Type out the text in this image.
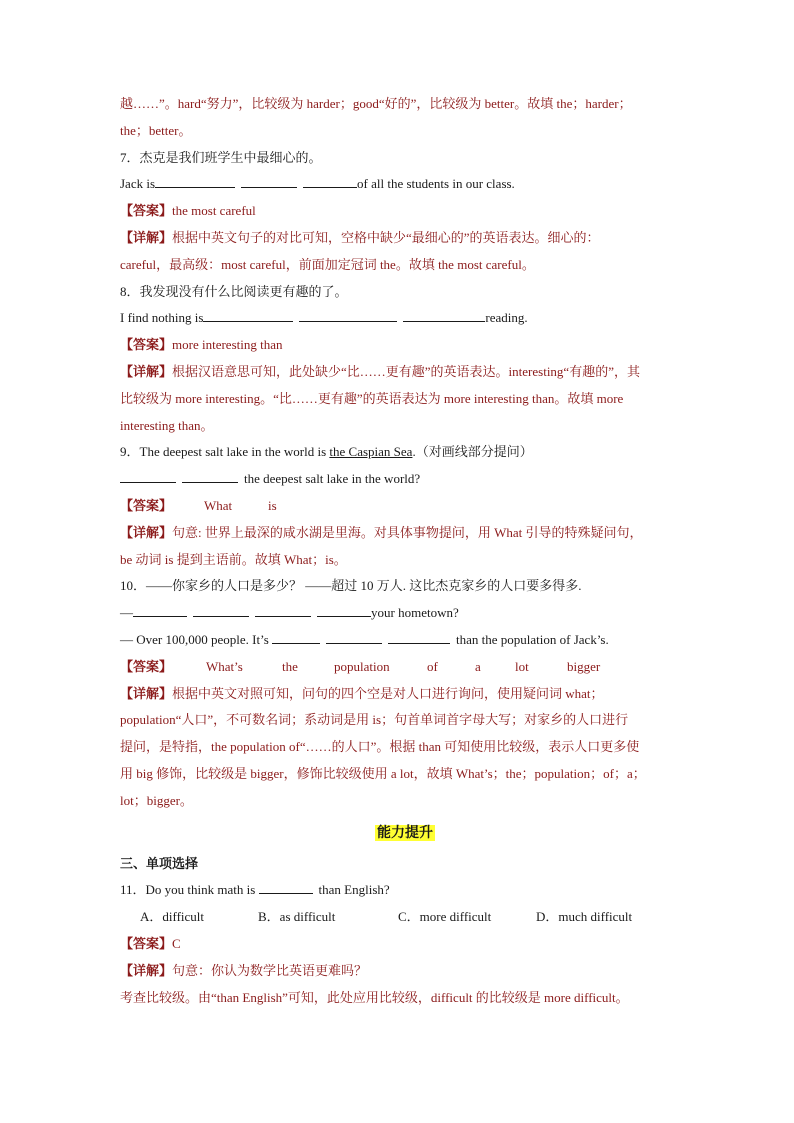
越……”。hard“努力”，比较级为 harder；good“好的”，比较级为 better。故填 the；harder；
the；better。
7．杰克是我们班学生中最细心的。
Jack is	of all the students in our class.
【答案】the most careful
【详解】根据中英文句子的对比可知，空格中缺少“最细心的”的英语表达。细心的：
careful，最高级：most careful，前面加定冠词 the。故填 the most careful。
8．我发现没有什么比阅读更有趣的了。
I find nothing is	reading.
【答案】more interesting than
【详解】根据汉语意思可知，此处缺少“比……更有趣”的英语表达。interesting“有趣的”，其
比较级为 more interesting。“比……更有趣”的英语表达为 more interesting than。故填 more
interesting than。
9．The deepest salt lake in the world is the Caspian Sea.（对画线部分提问）
the deepest salt lake in the world?
【答案】 What	is
【详解】句意: 世界上最深的咸水湖是里海。对具体事物提问，用 What 引导的特殊疑问句，
be 动词 is 提到主语前。故填 What；is。
10．——你家乡的人口是多少？ ——超过 10 万人. 这比杰克家乡的人口要多得多.
—	your hometown?
— Over 100,000 people. It’s	than the population of Jack’s.
【答案】	What’s	the	population	of	a	lot	bigger
【详解】根据中英文对照可知，问句的四个空是对人口进行询问，使用疑问词 what；
population“人口”，不可数名词；系动词是用 is；句首单词首字母大写；对家乡的人口进行
提问，是特指，the population of“……的人口”。根据 than 可知使用比较级，表示人口更多使
用 big 修饰，比较级是 bigger，修饰比较级使用 a lot，故填 What’s；the；population；of；a；
lot；bigger。
能力提升
三、单项选择
11．Do you think math is	than English?
A．difficult	B．as difficult	C．more difficult	D．much difficult
【答案】C
【详解】句意：你认为数学比英语更难吗？
考查比较级。由“than English”可知，此处应用比较级，difficult 的比较级是 more difficult。
